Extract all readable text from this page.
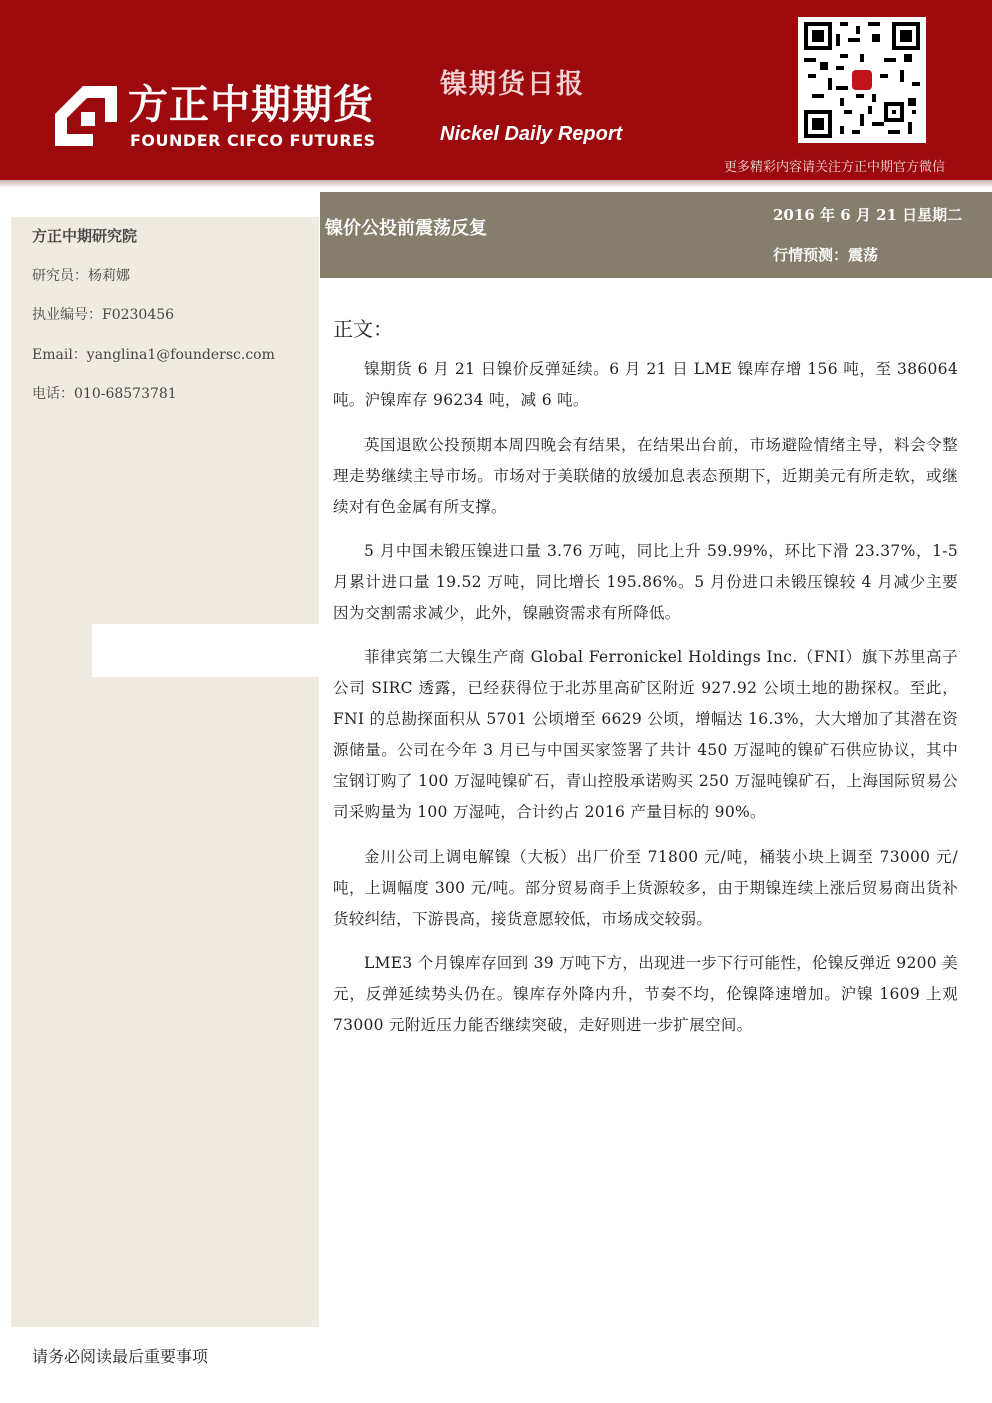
方正中期期货
FOUNDER CIFCO FUTURES
镍期货日报
Nickel Daily Report
更多精彩内容请关注方正中期官方微信
方正中期研究院
研究员：杨莉娜
执业编号：F0230456
Email：yanglina1@foundersc.com
电话：010-68573781
镍价公投前震荡反复
2016 年 6 月 21 日星期二
行情预测：震荡
正文：

镍期货 6 月 21 日镍价反弹延续。6 月 21 日 LME 镍库存增 156 吨，至 386064 吨。沪镍库存 96234 吨，减 6 吨。

英国退欧公投预期本周四晚会有结果，在结果出台前，市场避险情绪主导，料会令整理走势继续主导市场。市场对于美联储的放缓加息表态预期下，近期美元有所走软，或继续对有色金属有所支撑。

5 月中国未锻压镍进口量 3.76 万吨，同比上升 59.99%，环比下滑 23.37%，1-5 月累计进口量 19.52 万吨，同比增长 195.86%。5 月份进口未锻压镍较 4 月减少主要因为交割需求减少，此外，镍融资需求有所降低。

菲律宾第二大镍生产商 Global Ferronickel Holdings Inc.（FNI）旗下苏里高子公司 SIRC 透露，已经获得位于北苏里高矿区附近 927.92 公顷土地的勘探权。至此，FNI 的总勘探面积从 5701 公顷增至 6629 公顷，增幅达 16.3%，大大增加了其潜在资源储量。公司在今年 3 月已与中国买家签署了共计 450 万湿吨的镍矿石供应协议，其中宝钢订购了 100 万湿吨镍矿石，青山控股承诺购买 250 万湿吨镍矿石，上海国际贸易公司采购量为 100 万湿吨，合计约占 2016 产量目标的 90%。

金川公司上调电解镍（大板）出厂价至 71800 元/吨，桶装小块上调至 73000 元/吨，上调幅度 300 元/吨。部分贸易商手上货源较多，由于期镍连续上涨后贸易商出货补货较纠结，下游畏高，接货意愿较低，市场成交较弱。

LME3 个月镍库存回到 39 万吨下方，出现进一步下行可能性，伦镍反弹近 9200 美元，反弹延续势头仍在。镍库存外降内升，节奏不均，伦镍降速增加。沪镍 1609 上观 73000 元附近压力能否继续突破，走好则进一步扩展空间。

请务必阅读最后重要事项
